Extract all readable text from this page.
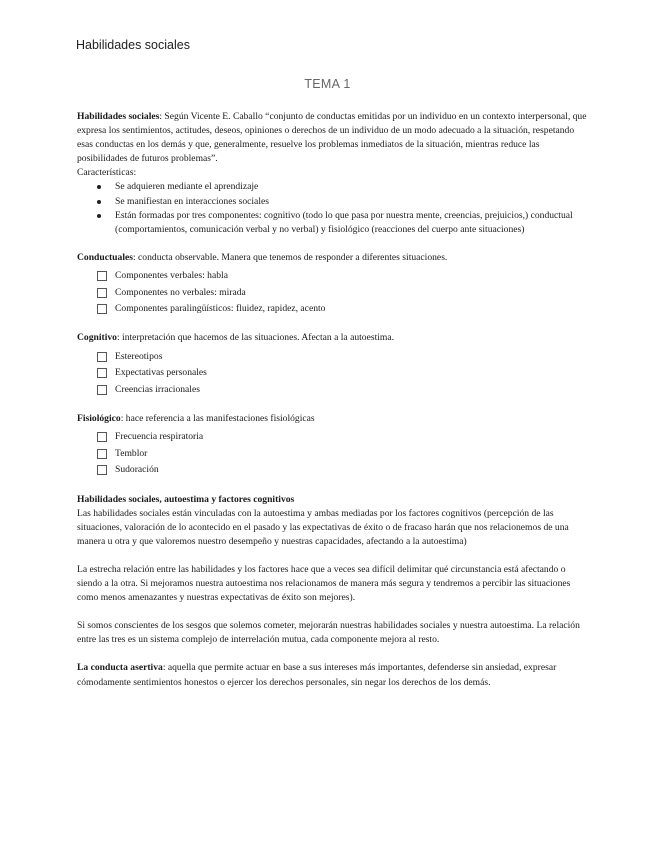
Habilidades sociales
TEMA 1

Habilidades sociales: Según Vicente E. Caballo “conjunto de conductas emitidas por un individuo en un contexto interpersonal, que expresa los sentimientos, actitudes, deseos, opiniones o derechos de un individuo de un modo adecuado a la situación, respetando esas conductas en los demás y que, generalmente, resuelve los problemas inmediatos de la situación, mientras reduce las posibilidades de futuros problemas”.

Características:

Se adquieren mediante el aprendizaje
Se manifiestan en interacciones sociales
Están formadas por tres componentes: cognitivo (todo lo que pasa por nuestra mente, creencias, prejuicios,) conductual (comportamientos, comunicación verbal y no verbal) y fisiológico (reacciones del cuerpo ante situaciones)

Conductuales: conducta observable. Manera que tenemos de responder a diferentes situaciones.

Componentes verbales: habla
Componentes no verbales: mirada
Componentes paralingüísticos: fluidez, rapidez, acento

Cognitivo: interpretación que hacemos de las situaciones. Afectan a la autoestima.

Estereotipos
Expectativas personales
Creencias irracionales

Fisiológico: hace referencia a las manifestaciones fisiológicas

Frecuencia respiratoria
Temblor
Sudoración

Habilidades sociales, autoestima y factores cognitivos

Las habilidades sociales están vinculadas con la autoestima y ambas mediadas por los factores cognitivos (percepción de las situaciones, valoración de lo acontecido en el pasado y las expectativas de éxito o de fracaso harán que nos relacionemos de una manera u otra y que valoremos nuestro desempeño y nuestras capacidades, afectando a la autoestima)

La estrecha relación entre las habilidades y los factores hace que a veces sea difícil delimitar qué circunstancia está afectando o siendo a la otra. Si mejoramos nuestra autoestima nos relacionamos de manera más segura y tendremos a percibir las situaciones como menos amenazantes y nuestras expectativas de éxito son mejores).

Si somos conscientes de los sesgos que solemos cometer, mejorarán nuestras habilidades sociales y nuestra autoestima. La relación entre las tres es un sistema complejo de interrelación mutua, cada componente mejora al resto.

La conducta asertiva: aquella que permite actuar en base a sus intereses más importantes, defenderse sin ansiedad, expresar cómodamente sentimientos honestos o ejercer los derechos personales, sin negar los derechos de los demás.
